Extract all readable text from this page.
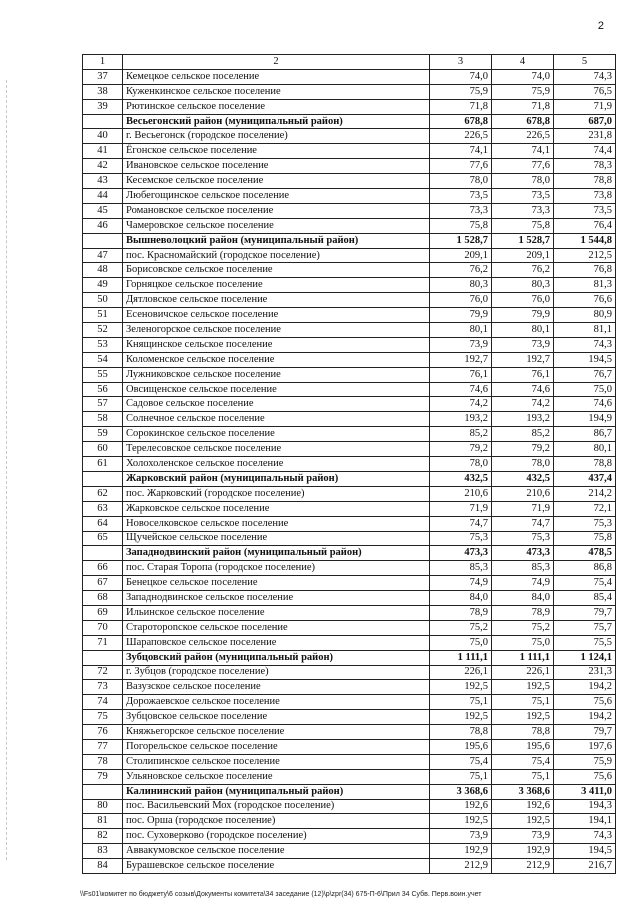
2
1	2	3	4	5
37	Кемецкое сельское поселение	74,0	74,0	74,3
38	Куженкинское сельское поселение	75,9	75,9	76,5
39	Рютинское сельское поселение	71,8	71,8	71,9
	Весьегонский район (муниципальный район)	678,8	678,8	687,0
40	г. Весьегонск (городское поселение)	226,5	226,5	231,8
41	Ёгонское сельское поселение	74,1	74,1	74,4
42	Ивановское сельское поселение	77,6	77,6	78,3
43	Кесемское сельское поселение	78,0	78,0	78,8
44	Любегощинское сельское поселение	73,5	73,5	73,8
45	Романовское сельское поселение	73,3	73,3	73,5
46	Чамеровское сельское поселение	75,8	75,8	76,4
	Вышневолоцкий район (муниципальный район)	1 528,7	1 528,7	1 544,8
47	пос. Красномайский (городское поселение)	209,1	209,1	212,5
48	Борисовское сельское поселение	76,2	76,2	76,8
49	Горняцкое сельское поселение	80,3	80,3	81,3
50	Дятловское сельское поселение	76,0	76,0	76,6
51	Есеновичское сельское поселение	79,9	79,9	80,9
52	Зеленогорское сельское поселение	80,1	80,1	81,1
53	Княщинское сельское поселение	73,9	73,9	74,3
54	Коломенское сельское поселение	192,7	192,7	194,5
55	Лужниковское сельское поселение	76,1	76,1	76,7
56	Овсищенское сельское поселение	74,6	74,6	75,0
57	Садовое сельское поселение	74,2	74,2	74,6
58	Солнечное сельское поселение	193,2	193,2	194,9
59	Сорокинское сельское поселение	85,2	85,2	86,7
60	Терелесовское сельское поселение	79,2	79,2	80,1
61	Холохоленское сельское поселение	78,0	78,0	78,8
	Жарковский район (муниципальный район)	432,5	432,5	437,4
62	пос. Жарковский (городское поселение)	210,6	210,6	214,2
63	Жарковское сельское поселение	71,9	71,9	72,1
64	Новоселковское сельское поселение	74,7	74,7	75,3
65	Щучейское сельское поселение	75,3	75,3	75,8
	Западнодвинский район (муниципальный район)	473,3	473,3	478,5
66	пос. Старая Торопа (городское поселение)	85,3	85,3	86,8
67	Бенецкое сельское поселение	74,9	74,9	75,4
68	Западнодвинское сельское поселение	84,0	84,0	85,4
69	Ильинское сельское поселение	78,9	78,9	79,7
70	Старотороnское сельское поселение	75,2	75,2	75,7
71	Шараповское сельское поселение	75,0	75,0	75,5
	Зубцовский район (муниципальный район)	1 111,1	1 111,1	1 124,1
72	г. Зубцов (городское поселение)	226,1	226,1	231,3
73	Вазузское сельское поселение	192,5	192,5	194,2
74	Дорожаевское сельское поселение	75,1	75,1	75,6
75	Зубцовское сельское поселение	192,5	192,5	194,2
76	Княжьегорское сельское поселение	78,8	78,8	79,7
77	Погорельское сельское поселение	195,6	195,6	197,6
78	Столипинское сельское поселение	75,4	75,4	75,9
79	Ульяновское сельское поселение	75,1	75,1	75,6
	Калининский район (муниципальный район)	3 368,6	3 368,6	3 411,0
80	пос. Васильевский Мох (городское поселение)	192,6	192,6	194,3
81	пос. Орша (городское поселение)	192,5	192,5	194,1
82	пос. Суховерково (городское поселение)	73,9	73,9	74,3
83	Аввакумовское сельское поселение	192,9	192,9	194,5
84	Бурашевское сельское поселение	212,9	212,9	216,7
\\Fs01\комитет по бюджету\6 созыв\Документы комитета\34 заседание (12)\p\zpr(34) 675-П-6\Прил 34 Субв. Перв.воин.учет
